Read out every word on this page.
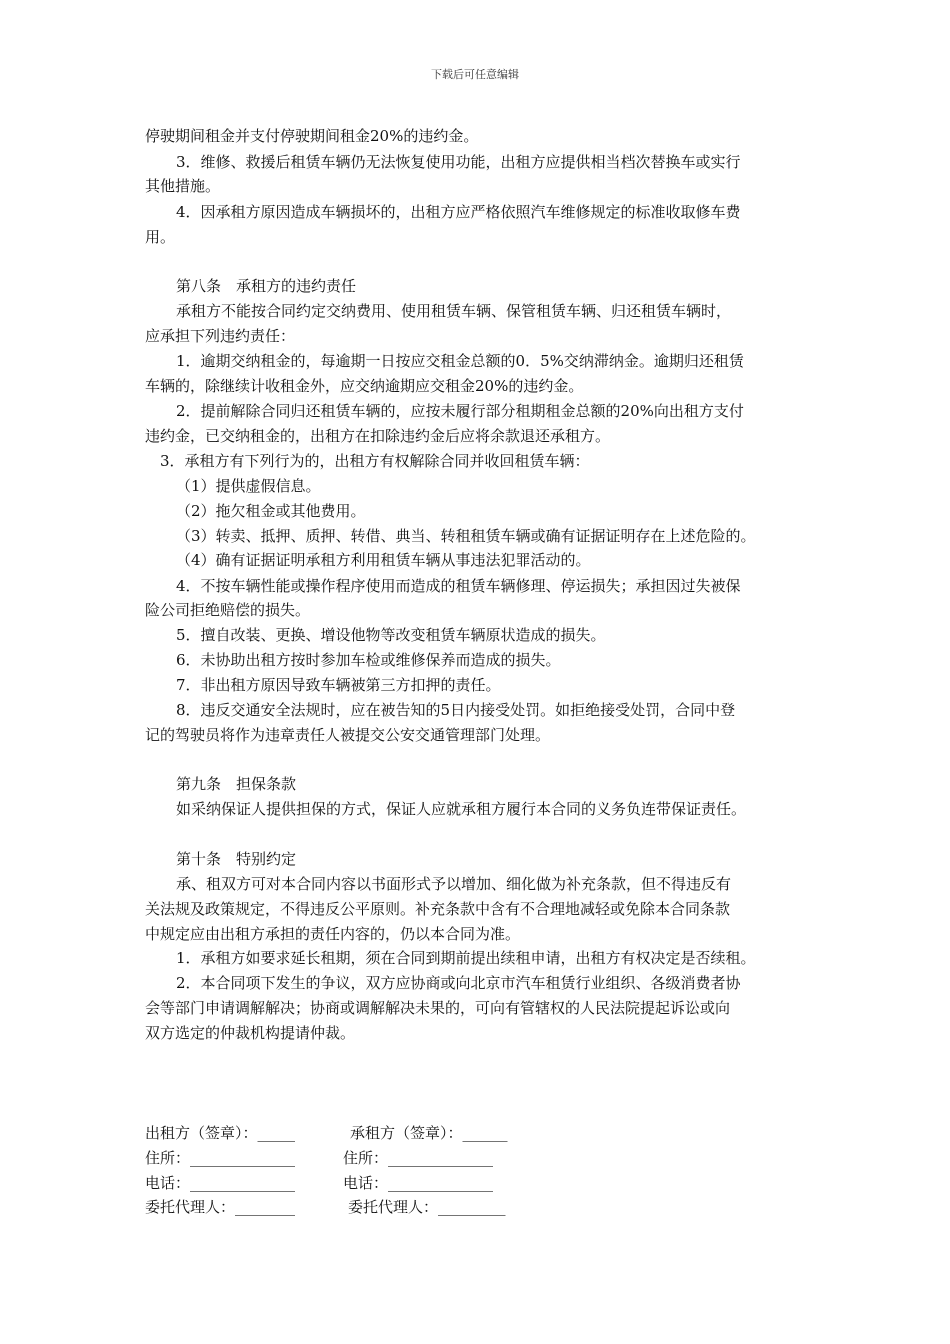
下载后可任意编辑
停驶期间租金并支付停驶期间租金20%的违约金。
3．维修、救援后租赁车辆仍无法恢复使用功能，出租方应提供相当档次替换车或实行
其他措施。
4．因承租方原因造成车辆损坏的，出租方应严格依照汽车维修规定的标准收取修车费
用。
第八条　承租方的违约责任
承租方不能按合同约定交纳费用、使用租赁车辆、保管租赁车辆、归还租赁车辆时，
应承担下列违约责任：
1．逾期交纳租金的，每逾期一日按应交租金总额的0．5%交纳滞纳金。逾期归还租赁
车辆的，除继续计收租金外，应交纳逾期应交租金20%的违约金。
2．提前解除合同归还租赁车辆的，应按未履行部分租期租金总额的20%向出租方支付
违约金，已交纳租金的，出租方在扣除违约金后应将余款退还承租方。
3．承租方有下列行为的，出租方有权解除合同并收回租赁车辆：
（1）提供虚假信息。
（2）拖欠租金或其他费用。
（3）转卖、抵押、质押、转借、典当、转租租赁车辆或确有证据证明存在上述危险的。
（4）确有证据证明承租方利用租赁车辆从事违法犯罪活动的。
4．不按车辆性能或操作程序使用而造成的租赁车辆修理、停运损失；承担因过失被保
险公司拒绝赔偿的损失。
5．擅自改装、更换、增设他物等改变租赁车辆原状造成的损失。
6．未协助出租方按时参加车检或维修保养而造成的损失。
7．非出租方原因导致车辆被第三方扣押的责任。
8．违反交通安全法规时，应在被告知的5日内接受处罚。如拒绝接受处罚，合同中登
记的驾驶员将作为违章责任人被提交公安交通管理部门处理。
第九条　担保条款
如采纳保证人提供担保的方式，保证人应就承租方履行本合同的义务负连带保证责任。
第十条　特别约定
承、租双方可对本合同内容以书面形式予以增加、细化做为补充条款，但不得违反有
关法规及政策规定，不得违反公平原则。补充条款中含有不合理地减轻或免除本合同条款
中规定应由出租方承担的责任内容的，仍以本合同为准。
1．承租方如要求延长租期，须在合同到期前提出续租申请，出租方有权决定是否续租。
2．本合同项下发生的争议，双方应协商或向北京市汽车租赁行业组织、各级消费者协
会等部门申请调解解决；协商或调解解决未果的，可向有管辖权的人民法院提起诉讼或向
双方选定的仲裁机构提请仲裁。
出租方（签章）：_____	承租方（签章）：______
住所：______________	住所：______________
电话：______________	电话：______________
委托代理人：________	委托代理人：_________
